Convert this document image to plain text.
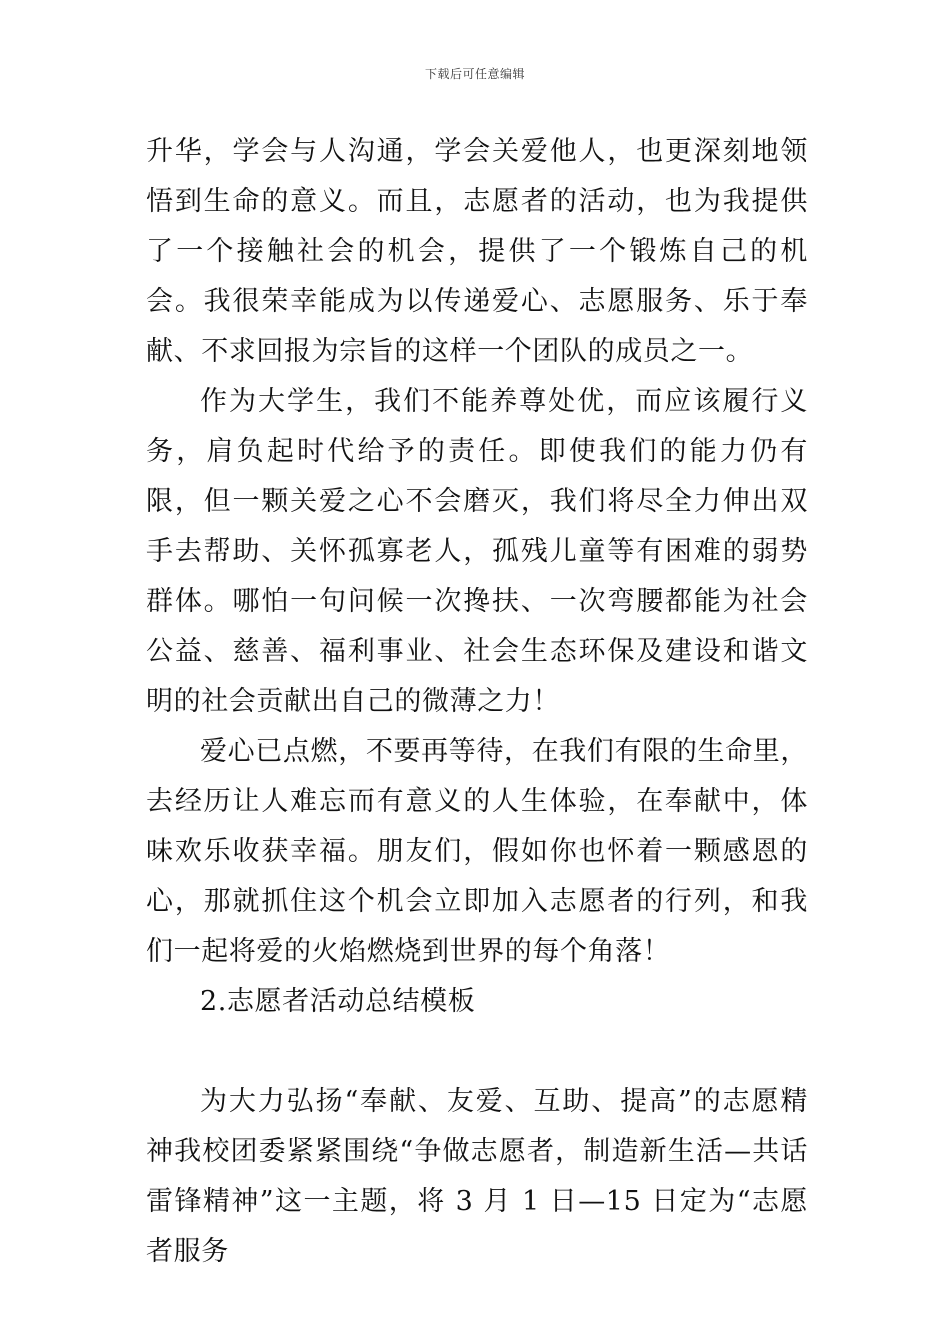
下载后可任意编辑

升华，学会与人沟通，学会关爱他人，也更深刻地领悟到生命的意义。而且，志愿者的活动，也为我提供了一个接触社会的机会，提供了一个锻炼自己的机会。我很荣幸能成为以传递爱心、志愿服务、乐于奉献、不求回报为宗旨的这样一个团队的成员之一。

作为大学生，我们不能养尊处优，而应该履行义务，肩负起时代给予的责任。即使我们的能力仍有限，但一颗关爱之心不会磨灭，我们将尽全力伸出双手去帮助、关怀孤寡老人，孤残儿童等有困难的弱势群体。哪怕一句问候一次搀扶、一次弯腰都能为社会公益、慈善、福利事业、社会生态环保及建设和谐文明的社会贡献出自己的微薄之力！

爱心已点燃，不要再等待，在我们有限的生命里，去经历让人难忘而有意义的人生体验，在奉献中，体味欢乐收获幸福。朋友们，假如你也怀着一颗感恩的心，那就抓住这个机会立即加入志愿者的行列，和我们一起将爱的火焰燃烧到世界的每个角落！

2.志愿者活动总结模板

为大力弘扬“奉献、友爱、互助、提高”的志愿精神我校团委紧紧围绕“争做志愿者，制造新生活—共话雷锋精神”这一主题，将 3 月 1 日—15 日定为“志愿者服务
